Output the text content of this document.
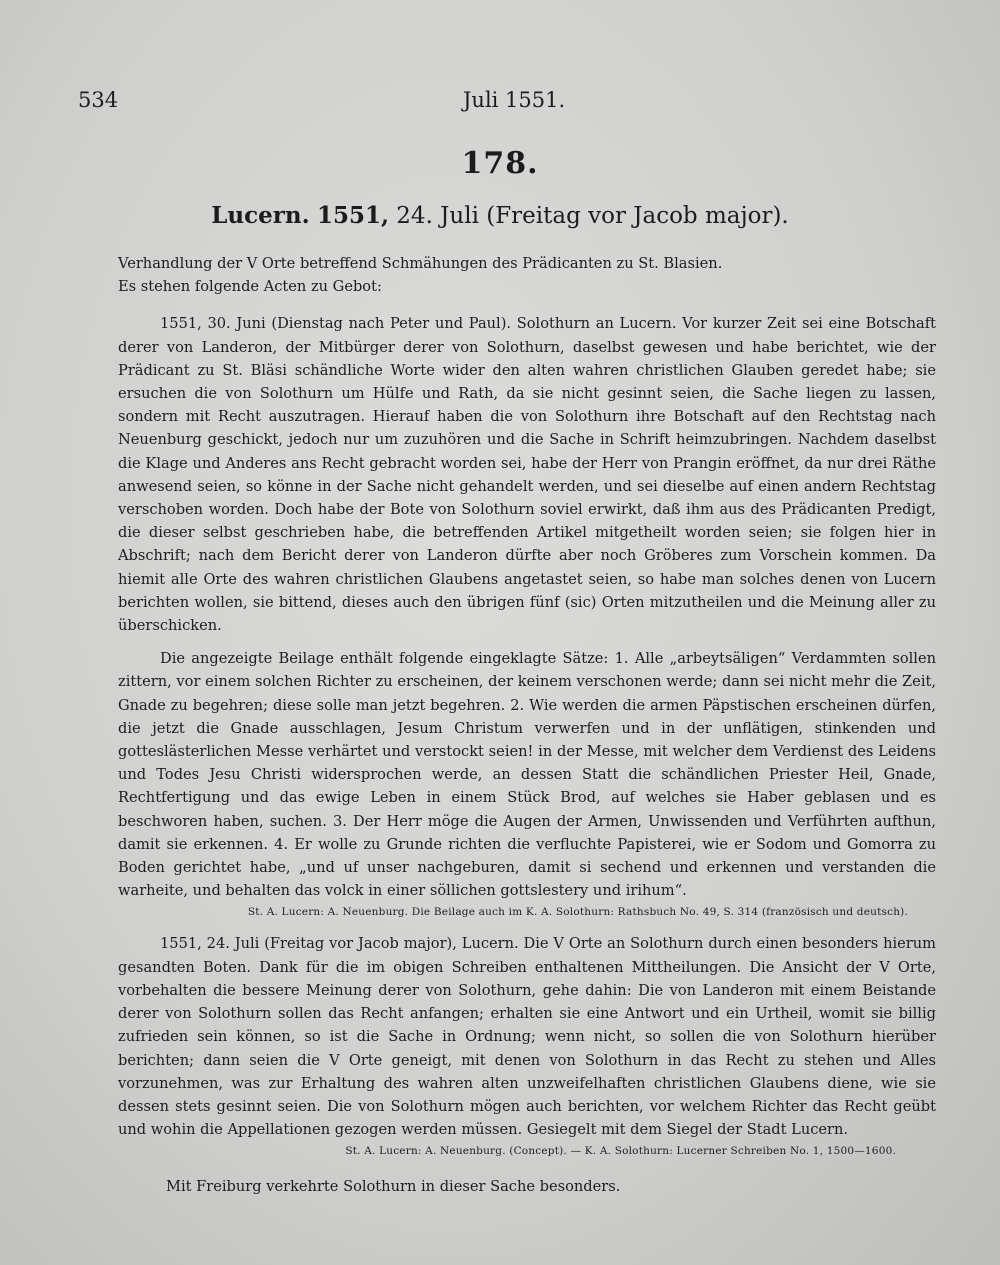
534	Juli 1551.
178.
Lucern. 1551, 24. Juli (Freitag vor Jacob major).

Verhandlung der V Orte betreffend Schmähungen des Prädicanten zu St. Blasien.

Es stehen folgende Acten zu Gebot:

1551, 30. Juni (Dienstag nach Peter und Paul). Solothurn an Lucern. Vor kurzer Zeit sei eine Botschaft derer von Landeron, der Mitbürger derer von Solothurn, daselbst gewesen und habe berichtet, wie der Prädicant zu St. Bläsi schändliche Worte wider den alten wahren christlichen Glauben geredet habe; sie ersuchen die von Solothurn um Hülfe und Rath, da sie nicht gesinnt seien, die Sache liegen zu lassen, sondern mit Recht auszutragen. Hierauf haben die von Solothurn ihre Botschaft auf den Rechtstag nach Neuenburg geschickt, jedoch nur um zuzuhören und die Sache in Schrift heimzubringen. Nachdem daselbst die Klage und Anderes ans Recht gebracht worden sei, habe der Herr von Prangin eröffnet, da nur drei Räthe anwesend seien, so könne in der Sache nicht gehandelt werden, und sei dieselbe auf einen andern Rechtstag verschoben worden. Doch habe der Bote von Solothurn soviel erwirkt, daß ihm aus des Prädicanten Predigt, die dieser selbst geschrieben habe, die betreffenden Artikel mitgetheilt worden seien; sie folgen hier in Abschrift; nach dem Bericht derer von Landeron dürfte aber noch Gröberes zum Vorschein kommen. Da hiemit alle Orte des wahren christlichen Glaubens angetastet seien, so habe man solches denen von Lucern berichten wollen, sie bittend, dieses auch den übrigen fünf (sic) Orten mitzutheilen und die Meinung aller zu überschicken.

Die angezeigte Beilage enthält folgende eingeklagte Sätze: 1. Alle „arbeytsäligen“ Verdammten sollen zittern, vor einem solchen Richter zu erscheinen, der keinem verschonen werde; dann sei nicht mehr die Zeit, Gnade zu begehren; diese solle man jetzt begehren. 2. Wie werden die armen Päpstischen erscheinen dürfen, die jetzt die Gnade ausschlagen, Jesum Christum verwerfen und in der unflätigen, stinkenden und gotteslästerlichen Messe verhärtet und verstockt seien! in der Messe, mit welcher dem Verdienst des Leidens und Todes Jesu Christi widersprochen werde, an dessen Statt die schändlichen Priester Heil, Gnade, Rechtfertigung und das ewige Leben in einem Stück Brod, auf welches sie Haber geblasen und es beschworen haben, suchen. 3. Der Herr möge die Augen der Armen, Unwissenden und Verführten aufthun, damit sie erkennen. 4. Er wolle zu Grunde richten die verfluchte Papisterei, wie er Sodom und Gomorra zu Boden gerichtet habe, „und uf unser nachgeburen, damit si sechend und erkennen und verstanden die warheite, und behalten das volck in einer söllichen gottslestery und irihum“.

St. A. Lucern: A. Neuenburg. Die Beilage auch im K. A. Solothurn: Rathsbuch No. 49, S. 314 (französisch und deutsch).

1551, 24. Juli (Freitag vor Jacob major), Lucern. Die V Orte an Solothurn durch einen besonders hierum gesandten Boten. Dank für die im obigen Schreiben enthaltenen Mittheilungen. Die Ansicht der V Orte, vorbehalten die bessere Meinung derer von Solothurn, gehe dahin: Die von Landeron mit einem Beistande derer von Solothurn sollen das Recht anfangen; erhalten sie eine Antwort und ein Urtheil, womit sie billig zufrieden sein können, so ist die Sache in Ordnung; wenn nicht, so sollen die von Solothurn hierüber berichten; dann seien die V Orte geneigt, mit denen von Solothurn in das Recht zu stehen und Alles vorzunehmen, was zur Erhaltung des wahren alten unzweifelhaften christlichen Glaubens diene, wie sie dessen stets gesinnt seien. Die von Solothurn mögen auch berichten, vor welchem Richter das Recht geübt und wohin die Appellationen gezogen werden müssen. Gesiegelt mit dem Siegel der Stadt Lucern.

St. A. Lucern: A. Neuenburg. (Concept). — K. A. Solothurn: Lucerner Schreiben No. 1, 1500—1600.

Mit Freiburg verkehrte Solothurn in dieser Sache besonders.
